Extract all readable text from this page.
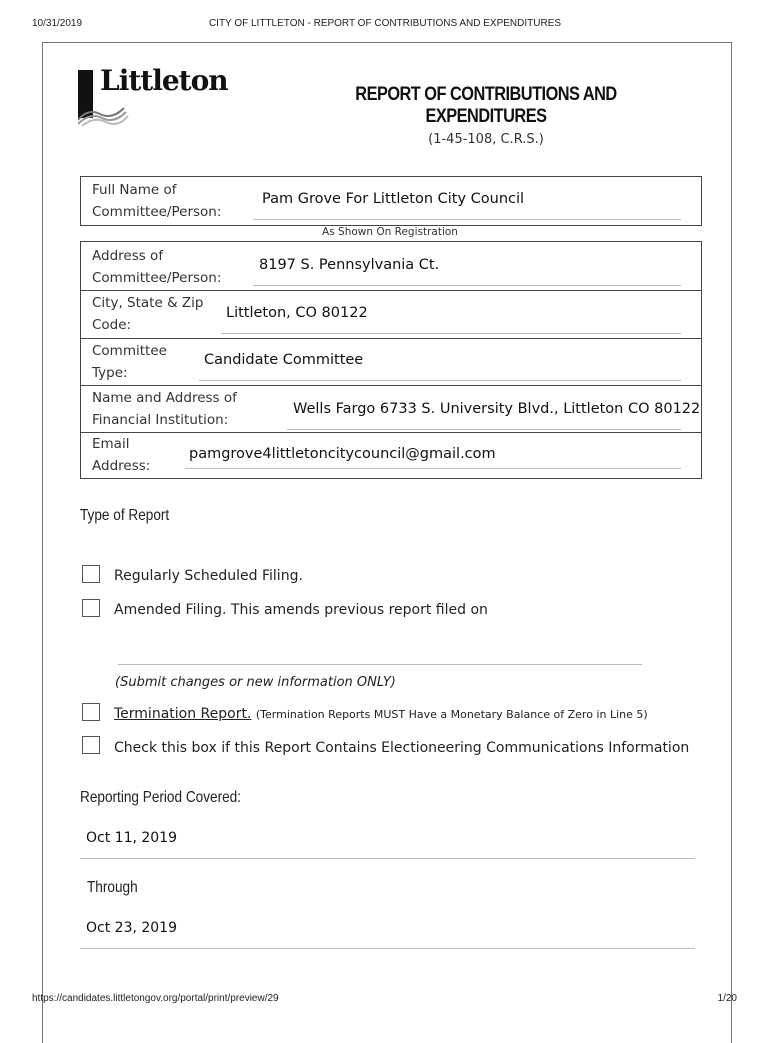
10/31/2019	CITY OF LITTLETON - REPORT OF CONTRIBUTIONS AND EXPENDITURES
Littleton	REPORT OF CONTRIBUTIONS AND EXPENDITURES
(1-45-108, C.R.S.)
Full Name of
Committee/Person:
Pam Grove For Littleton City Council
As Shown On Registration
Address of
Committee/Person:
8197 S. Pennsylvania Ct.
City, State & Zip
Code:
Littleton, CO 80122
Committee
Type:
Candidate Committee
Name and Address of
Financial Institution:
Wells Fargo 6733 S. University Blvd., Littleton CO 80122
Email
Address:
pamgrove4littletoncitycouncil@gmail.com
Type of Report
Regularly Scheduled Filing.
Amended Filing. This amends previous report filed on
(Submit changes or new information ONLY)
Termination Report. (Termination Reports MUST Have a Monetary Balance of Zero in Line 5)
Check this box if this Report Contains Electioneering Communications Information
Reporting Period Covered:
Oct 11, 2019
Through
Oct 23, 2019
https://candidates.littletongov.org/portal/print/preview/29	1/20
